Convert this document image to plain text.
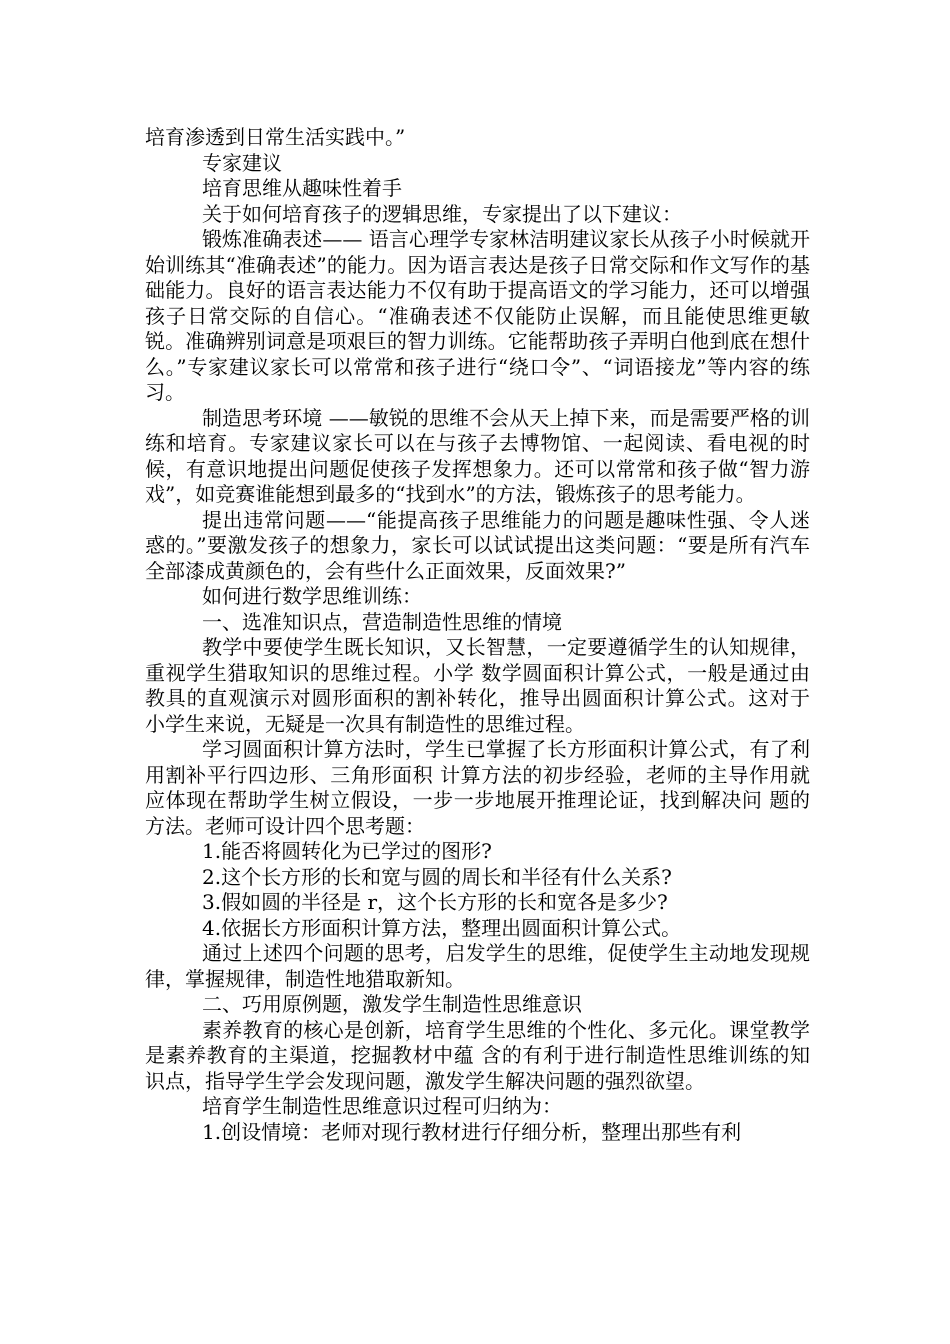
培育渗透到日常生活实践中。”

专家建议

培育思维从趣味性着手

关于如何培育孩子的逻辑思维，专家提出了以下建议：

锻炼准确表述—— 语言心理学专家林洁明建议家长从孩子小时候就开始训练其“准确表述”的能力。因为语言表达是孩子日常交际和作文写作的基础能力。良好的语言表达能力不仅有助于提高语文的学习能力，还可以增强孩子日常交际的自信心。“准确表述不仅能防止误解，而且能使思维更敏锐。准确辨别词意是项艰巨的智力训练。它能帮助孩子弄明白他到底在想什么。”专家建议家长可以常常和孩子进行“绕口令”、“词语接龙”等内容的练习。

制造思考环境 ——敏锐的思维不会从天上掉下来，而是需要严格的训练和培育。专家建议家长可以在与孩子去博物馆、一起阅读、看电视的时候，有意识地提出问题促使孩子发挥想象力。还可以常常和孩子做“智力游戏”，如竞赛谁能想到最多的“找到水”的方法，锻炼孩子的思考能力。

提出违常问题——“能提高孩子思维能力的问题是趣味性强、令人迷惑的。”要激发孩子的想象力，家长可以试试提出这类问题：“要是所有汽车全部漆成黄颜色的，会有些什么正面效果，反面效果?”

如何进行数学思维训练：

一、选准知识点，营造制造性思维的情境

教学中要使学生既长知识，又长智慧，一定要遵循学生的认知规律，重视学生猎取知识的思维过程。小学 数学圆面积计算公式，一般是通过由教具的直观演示对圆形面积的割补转化，推导出圆面积计算公式。这对于 小学生来说，无疑是一次具有制造性的思维过程。

学习圆面积计算方法时，学生已掌握了长方形面积计算公式，有了利用割补平行四边形、三角形面积 计算方法的初步经验，老师的主导作用就应体现在帮助学生树立假设，一步一步地展开推理论证，找到解决问 题的方法。老师可设计四个思考题：

1.能否将圆转化为已学过的图形?

2.这个长方形的长和宽与圆的周长和半径有什么关系?

3.假如圆的半径是 r，这个长方形的长和宽各是多少?

4.依据长方形面积计算方法，整理出圆面积计算公式。

通过上述四个问题的思考，启发学生的思维，促使学生主动地发现规律，掌握规律，制造性地猎取新知。

二、巧用原例题，激发学生制造性思维意识

素养教育的核心是创新，培育学生思维的个性化、多元化。课堂教学是素养教育的主渠道，挖掘教材中蕴 含的有利于进行制造性思维训练的知识点，指导学生学会发现问题，激发学生解决问题的强烈欲望。

培育学生制造性思维意识过程可归纳为：

1.创设情境：老师对现行教材进行仔细分析，整理出那些有利
